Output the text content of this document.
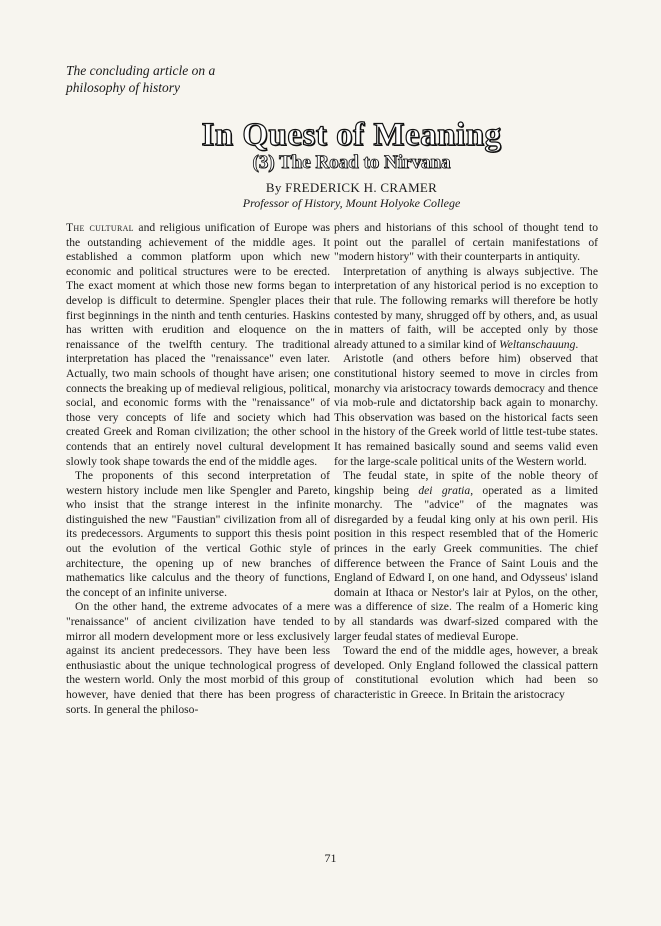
The concluding article on a
philosophy of history
In Quest of Meaning
(3) The Road to Nirvana
By FREDERICK H. CRAMER
Professor of History, Mount Holyoke College

The cultural and religious unification of Europe was the outstanding achievement of the middle ages. It established a common platform upon which new economic and political structures were to be erected. The exact moment at which those new forms began to develop is difficult to determine. Spengler places their first beginnings in the ninth and tenth centuries. Haskins has written with erudition and eloquence on the renaissance of the twelfth century. The traditional interpretation has placed the "renaissance" even later. Actually, two main schools of thought have arisen; one connects the breaking up of medieval religious, political, social, and economic forms with the "renaissance" of those very concepts of life and society which had created Greek and Roman civilization; the other school contends that an entirely novel cultural development slowly took shape towards the end of the middle ages.

The proponents of this second interpretation of western history include men like Spengler and Pareto, who insist that the strange interest in the infinite distinguished the new "Faustian" civilization from all of its predecessors. Arguments to support this thesis point out the evolution of the vertical Gothic style of architecture, the opening up of new branches of mathematics like calculus and the theory of functions, the concept of an infinite universe.

On the other hand, the extreme advocates of a mere "renaissance" of ancient civilization have tended to mirror all modern development more or less exclusively against its ancient predecessors. They have been less enthusiastic about the unique technological progress of the western world. Only the most morbid of this group however, have denied that there has been progress of sorts. In general the philoso-

phers and historians of this school of thought tend to point out the parallel of certain manifestations of "modern history" with their counterparts in antiquity.

Interpretation of anything is always subjective. The interpretation of any historical period is no exception to that rule. The following remarks will therefore be hotly contested by many, shrugged off by others, and, as usual in matters of faith, will be accepted only by those already attuned to a similar kind of Weltanschauung.

Aristotle (and others before him) observed that constitutional history seemed to move in circles from monarchy via aristocracy towards democracy and thence via mob-rule and dictatorship back again to monarchy. This observation was based on the historical facts seen in the history of the Greek world of little test-tube states. It has remained basically sound and seems valid even for the large-scale political units of the Western world.

The feudal state, in spite of the noble theory of kingship being dei gratia, operated as a limited monarchy. The "advice" of the magnates was disregarded by a feudal king only at his own peril. His position in this respect resembled that of the Homeric princes in the early Greek communities. The chief difference between the France of Saint Louis and the England of Edward I, on one hand, and Odysseus' island domain at Ithaca or Nestor's lair at Pylos, on the other, was a difference of size. The realm of a Homeric king by all standards was dwarf-sized compared with the larger feudal states of medieval Europe.

Toward the end of the middle ages, however, a break developed. Only England followed the classical pattern of constitutional evolution which had been so characteristic in Greece. In Britain the aristocracy

71
